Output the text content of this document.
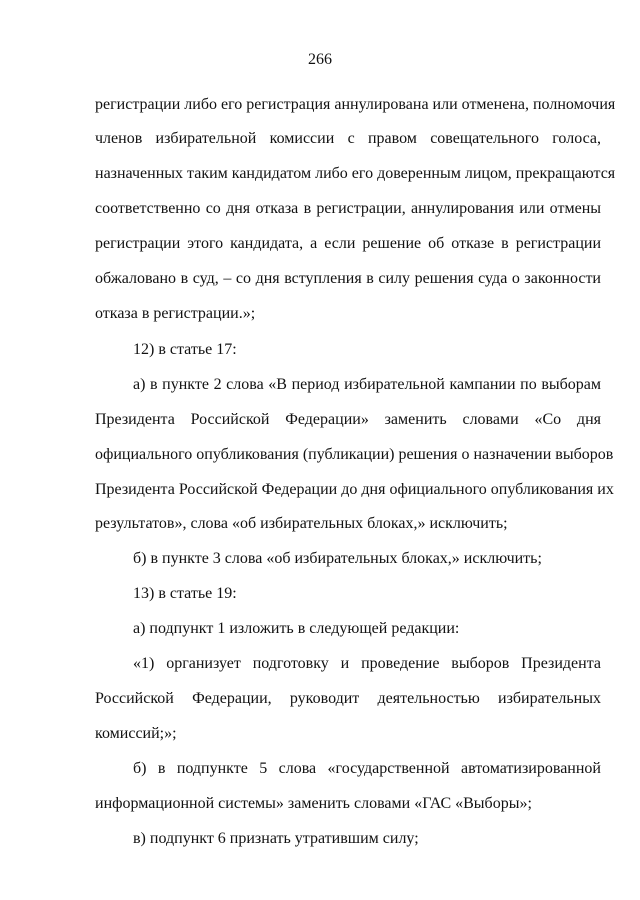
266
регистрации либо его регистрация аннулирована или отменена, полномочия
членов избирательной комиссии с правом совещательного голоса,
назначенных таким кандидатом либо его доверенным лицом, прекращаются
соответственно со дня отказа в регистрации, аннулирования или отмены
регистрации этого кандидата, а если решение об отказе в регистрации
обжаловано в суд, – со дня вступления в силу решения суда о законности
отказа в регистрации.»;
12) в статье 17:
а) в пункте 2 слова «В период избирательной кампании по выборам
Президента Российской Федерации» заменить словами «Со дня
официального опубликования (публикации) решения о назначении выборов
Президента Российской Федерации до дня официального опубликования их
результатов», слова «об избирательных блоках,» исключить;
б) в пункте 3 слова «об избирательных блоках,» исключить;
13) в статье 19:
а) подпункт 1 изложить в следующей редакции:
«1) организует подготовку и проведение выборов Президента
Российской Федерации, руководит деятельностью избирательных
комиссий;»;
б) в подпункте 5 слова «государственной автоматизированной
информационной системы» заменить словами «ГАС «Выборы»;
в) подпункт 6 признать утратившим силу;
